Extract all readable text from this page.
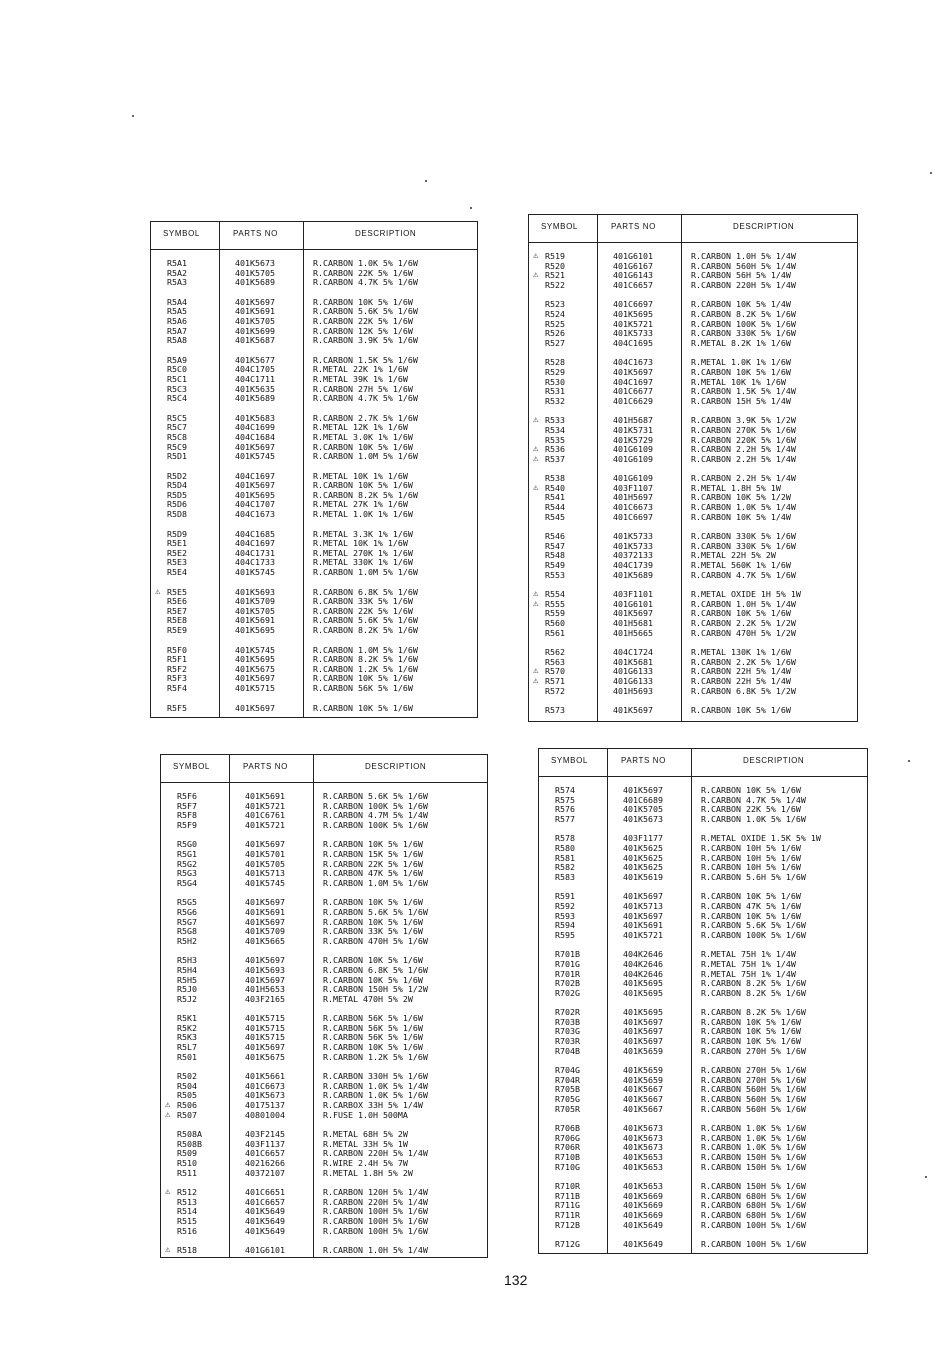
SYMBOL	PARTS NO	DESCRIPTION
R5A1	401K5673	R.CARBON 1.0K 5% 1/6W
R5A2	401K5705	R.CARBON 22K 5% 1/6W
R5A3	401K5689	R.CARBON 4.7K 5% 1/6W
R5A4	401K5697	R.CARBON 10K 5% 1/6W
R5A5	401K5691	R.CARBON 5.6K 5% 1/6W
R5A6	401K5705	R.CARBON 22K 5% 1/6W
R5A7	401K5699	R.CARBON 12K 5% 1/6W
R5A8	401K5687	R.CARBON 3.9K 5% 1/6W
R5A9	401K5677	R.CARBON 1.5K 5% 1/6W
R5C0	404C1705	R.METAL 22K 1% 1/6W
R5C1	404C1711	R.METAL 39K 1% 1/6W
R5C3	401K5635	R.CARBON 27H 5% 1/6W
R5C4	401K5689	R.CARBON 4.7K 5% 1/6W
R5C5	401K5683	R.CARBON 2.7K 5% 1/6W
R5C7	404C1699	R.METAL 12K 1% 1/6W
R5C8	404C1684	R.METAL 3.0K 1% 1/6W
R5C9	401K5697	R.CARBON 10K 5% 1/6W
R5D1	401K5745	R.CARBON 1.0M 5% 1/6W
R5D2	404C1697	R.METAL 10K 1% 1/6W
R5D4	401K5697	R.CARBON 10K 5% 1/6W
R5D5	401K5695	R.CARBON 8.2K 5% 1/6W
R5D6	404C1707	R.METAL 27K 1% 1/6W
R5D8	404C1673	R.METAL 1.0K 1% 1/6W
R5D9	404C1685	R.METAL 3.3K 1% 1/6W
R5E1	404C1697	R.METAL 10K 1% 1/6W
R5E2	404C1731	R.METAL 270K 1% 1/6W
R5E3	404C1733	R.METAL 330K 1% 1/6W
R5E4	401K5745	R.CARBON 1.0M 5% 1/6W
⚠ R5E5	401K5693	R.CARBON 6.8K 5% 1/6W
R5E6	401K5709	R.CARBON 33K 5% 1/6W
R5E7	401K5705	R.CARBON 22K 5% 1/6W
R5E8	401K5691	R.CARBON 5.6K 5% 1/6W
R5E9	401K5695	R.CARBON 8.2K 5% 1/6W
R5F0	401K5745	R.CARBON 1.0M 5% 1/6W
R5F1	401K5695	R.CARBON 8.2K 5% 1/6W
R5F2	401K5675	R.CARBON 1.2K 5% 1/6W
R5F3	401K5697	R.CARBON 10K 5% 1/6W
R5F4	401K5715	R.CARBON 56K 5% 1/6W
R5F5	401K5697	R.CARBON 10K 5% 1/6W
SYMBOL	PARTS NO	DESCRIPTION
⚠ R519	401G6101	R.CARBON 1.0H 5% 1/4W
R520	401G6167	R.CARBON 560H 5% 1/4W
⚠ R521	401G6143	R.CARBON 56H 5% 1/4W
R522	401C6657	R.CARBON 220H 5% 1/4W
R523	401C6697	R.CARBON 10K 5% 1/4W
R524	401K5695	R.CARBON 8.2K 5% 1/6W
R525	401K5721	R.CARBON 100K 5% 1/6W
R526	401K5733	R.CARBON 330K 5% 1/6W
R527	404C1695	R.METAL 8.2K 1% 1/6W
R528	404C1673	R.METAL 1.0K 1% 1/6W
R529	401K5697	R.CARBON 10K 5% 1/6W
R530	404C1697	R.METAL 10K 1% 1/6W
R531	401C6677	R.CARBON 1.5K 5% 1/4W
R532	401C6629	R.CARBON 15H 5% 1/4W
⚠ R533	401H5687	R.CARBON 3.9K 5% 1/2W
R534	401K5731	R.CARBON 270K 5% 1/6W
R535	401K5729	R.CARBON 220K 5% 1/6W
⚠ R536	401G6109	R.CARBON 2.2H 5% 1/4W
⚠ R537	401G6109	R.CARBON 2.2H 5% 1/4W
R538	401G6109	R.CARBON 2.2H 5% 1/4W
⚠ R540	403F1107	R.METAL 1.8H 5% 1W
R541	401H5697	R.CARBON 10K 5% 1/2W
R544	401C6673	R.CARBON 1.0K 5% 1/4W
R545	401C6697	R.CARBON 10K 5% 1/4W
R546	401K5733	R.CARBON 330K 5% 1/6W
R547	401K5733	R.CARBON 330K 5% 1/6W
R548	40372133	R.METAL 22H 5% 2W
R549	404C1739	R.METAL 560K 1% 1/6W
R553	401K5689	R.CARBON 4.7K 5% 1/6W
⚠ R554	403F1101	R.METAL OXIDE 1H 5% 1W
⚠ R555	401G6101	R.CARBON 1.0H 5% 1/4W
R559	401K5697	R.CARBON 10K 5% 1/6W
R560	401H5681	R.CARBON 2.2K 5% 1/2W
R561	401H5665	R.CARBON 470H 5% 1/2W
R562	404C1724	R.METAL 130K 1% 1/6W
R563	401K5681	R.CARBON 2.2K 5% 1/6W
⚠ R570	401G6133	R.CARBON 22H 5% 1/4W
⚠ R571	401G6133	R.CARBON 22H 5% 1/4W
R572	401H5693	R.CARBON 6.8K 5% 1/2W
R573	401K5697	R.CARBON 10K 5% 1/6W
SYMBOL	PARTS NO	DESCRIPTION
R5F6	401K5691	R.CARBON 5.6K 5% 1/6W
R5F7	401K5721	R.CARBON 100K 5% 1/6W
R5F8	401C6761	R.CARBON 4.7M 5% 1/4W
R5F9	401K5721	R.CARBON 100K 5% 1/6W
R5G0	401K5697	R.CARBON 10K 5% 1/6W
R5G1	401K5701	R.CARBON 15K 5% 1/6W
R5G2	401K5705	R.CARBON 22K 5% 1/6W
R5G3	401K5713	R.CARBON 47K 5% 1/6W
R5G4	401K5745	R.CARBON 1.0M 5% 1/6W
R5G5	401K5697	R.CARBON 10K 5% 1/6W
R5G6	401K5691	R.CARBON 5.6K 5% 1/6W
R5G7	401K5697	R.CARBON 10K 5% 1/6W
R5G8	401K5709	R.CARBON 33K 5% 1/6W
R5H2	401K5665	R.CARBON 470H 5% 1/6W
R5H3	401K5697	R.CARBON 10K 5% 1/6W
R5H4	401K5693	R.CARBON 6.8K 5% 1/6W
R5H5	401K5697	R.CARBON 10K 5% 1/6W
R5J0	401H5653	R.CARBON 150H 5% 1/2W
R5J2	403F2165	R.METAL 470H 5% 2W
R5K1	401K5715	R.CARBON 56K 5% 1/6W
R5K2	401K5715	R.CARBON 56K 5% 1/6W
R5K3	401K5715	R.CARBON 56K 5% 1/6W
R5L7	401K5697	R.CARBON 10K 5% 1/6W
R501	401K5675	R.CARBON 1.2K 5% 1/6W
R502	401K5661	R.CARBON 330H 5% 1/6W
R504	401C6673	R.CARBON 1.0K 5% 1/4W
R505	401K5673	R.CARBON 1.0K 5% 1/6W
⚠ R506	40175137	R.CARBOX 33H 5% 1/4W
⚠ R507	40801004	R.FUSE 1.0H 500MA
R508A	403F2145	R.METAL 68H 5% 2W
R508B	403F1137	R.METAL 33H 5% 1W
R509	401C6657	R.CARBON 220H 5% 1/4W
R510	40216266	R.WIRE 2.4H 5% 7W
R511	40372107	R.METAL 1.8H 5% 2W
⚠ R512	401C6651	R.CARBON 120H 5% 1/4W
R513	401C6657	R.CARBON 220H 5% 1/4W
R514	401K5649	R.CARBON 100H 5% 1/6W
R515	401K5649	R.CARBON 100H 5% 1/6W
R516	401K5649	R.CARBON 100H 5% 1/6W
⚠ R518	401G6101	R.CARBON 1.0H 5% 1/4W
SYMBOL	PARTS NO	DESCRIPTION
R574	401K5697	R.CARBON 10K 5% 1/6W
R575	401C6689	R.CARBON 4.7K 5% 1/4W
R576	401K5705	R.CARBON 22K 5% 1/6W
R577	401K5673	R.CARBON 1.0K 5% 1/6W
R578	403F1177	R.METAL OXIDE 1.5K 5% 1W
R580	401K5625	R.CARBON 10H 5% 1/6W
R581	401K5625	R.CARBON 10H 5% 1/6W
R582	401K5625	R.CARBON 10H 5% 1/6W
R583	401K5619	R.CARBON 5.6H 5% 1/6W
R591	401K5697	R.CARBON 10K 5% 1/6W
R592	401K5713	R.CARBON 47K 5% 1/6W
R593	401K5697	R.CARBON 10K 5% 1/6W
R594	401K5691	R.CARBON 5.6K 5% 1/6W
R595	401K5721	R.CARBON 100K 5% 1/6W
R701B	404K2646	R.METAL 75H 1% 1/4W
R701G	404K2646	R.METAL 75H 1% 1/4W
R701R	404K2646	R.METAL 75H 1% 1/4W
R702B	401K5695	R.CARBON 8.2K 5% 1/6W
R702G	401K5695	R.CARBON 8.2K 5% 1/6W
R702R	401K5695	R.CARBON 8.2K 5% 1/6W
R703B	401K5697	R.CARBON 10K 5% 1/6W
R703G	401K5697	R.CARBON 10K 5% 1/6W
R703R	401K5697	R.CARBON 10K 5% 1/6W
R704B	401K5659	R.CARBON 270H 5% 1/6W
R704G	401K5659	R.CARBON 270H 5% 1/6W
R704R	401K5659	R.CARBON 270H 5% 1/6W
R705B	401K5667	R.CARBON 560H 5% 1/6W
R705G	401K5667	R.CARBON 560H 5% 1/6W
R705R	401K5667	R.CARBON 560H 5% 1/6W
R706B	401K5673	R.CARBON 1.0K 5% 1/6W
R706G	401K5673	R.CARBON 1.0K 5% 1/6W
R706R	401K5673	R.CARBON 1.0K 5% 1/6W
R710B	401K5653	R.CARBON 150H 5% 1/6W
R710G	401K5653	R.CARBON 150H 5% 1/6W
R710R	401K5653	R.CARBON 150H 5% 1/6W
R711B	401K5669	R.CARBON 680H 5% 1/6W
R711G	401K5669	R.CARBON 680H 5% 1/6W
R711R	401K5669	R.CARBON 680H 5% 1/6W
R712B	401K5649	R.CARBON 100H 5% 1/6W
R712G	401K5649	R.CARBON 100H 5% 1/6W
132
